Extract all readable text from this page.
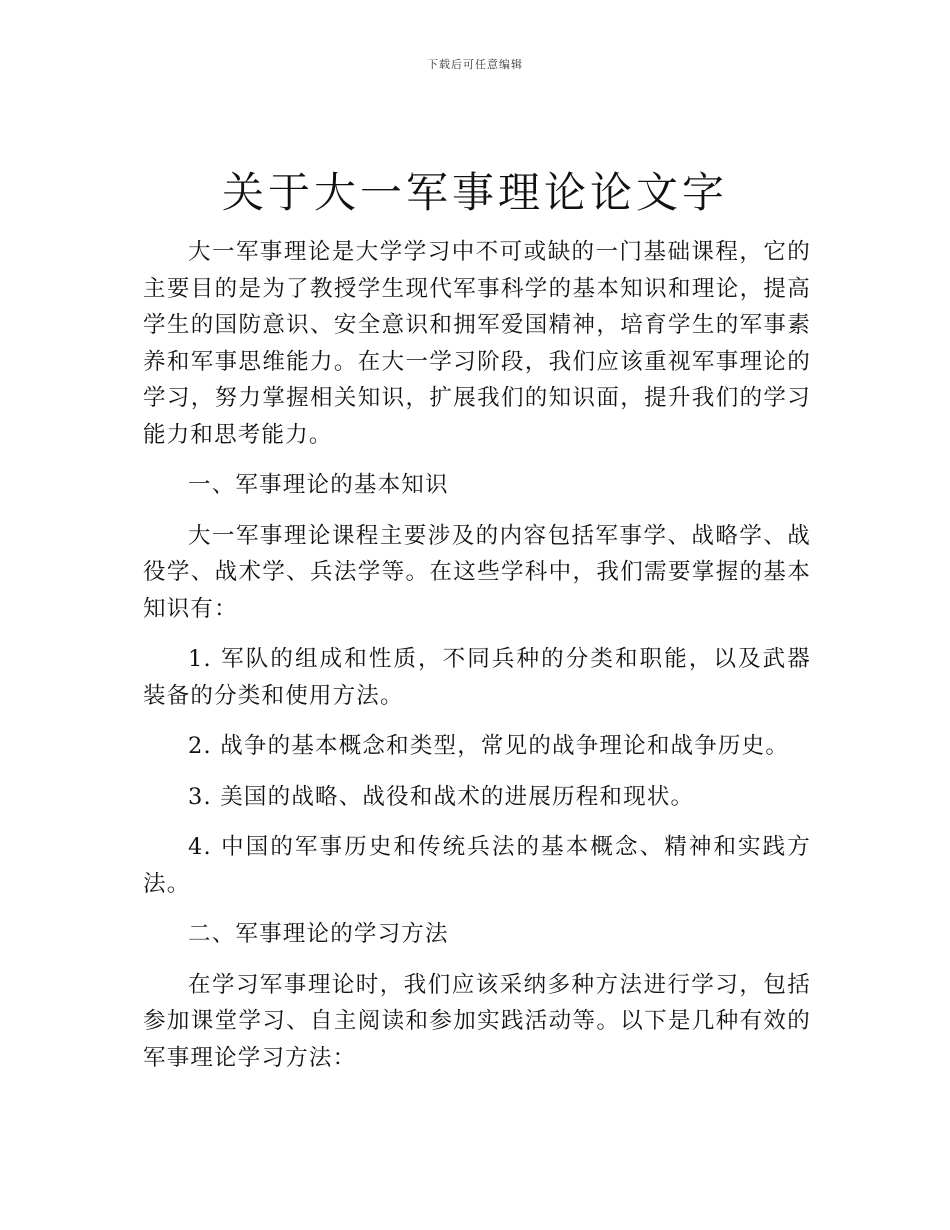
下载后可任意编辑
关于大一军事理论论文字

大一军事理论是大学学习中不可或缺的一门基础课程，它的主要目的是为了教授学生现代军事科学的基本知识和理论，提高学生的国防意识、安全意识和拥军爱国精神，培育学生的军事素养和军事思维能力。在大一学习阶段，我们应该重视军事理论的学习，努力掌握相关知识，扩展我们的知识面，提升我们的学习能力和思考能力。

一、军事理论的基本知识

大一军事理论课程主要涉及的内容包括军事学、战略学、战役学、战术学、兵法学等。在这些学科中，我们需要掌握的基本知识有：

1. 军队的组成和性质，不同兵种的分类和职能，以及武器装备的分类和使用方法。

2. 战争的基本概念和类型，常见的战争理论和战争历史。

3. 美国的战略、战役和战术的进展历程和现状。

4. 中国的军事历史和传统兵法的基本概念、精神和实践方法。

二、军事理论的学习方法

在学习军事理论时，我们应该采纳多种方法进行学习，包括参加课堂学习、自主阅读和参加实践活动等。以下是几种有效的军事理论学习方法：
